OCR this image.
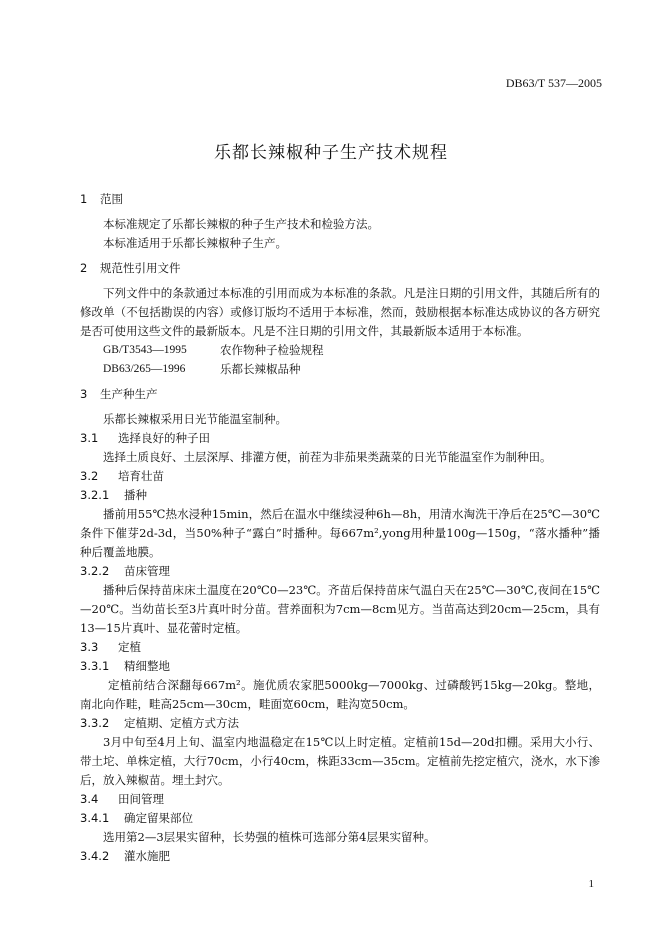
DB63/T 537—2005
乐都长辣椒种子生产技术规程
1	范围

本标准规定了乐都长辣椒的种子生产技术和检验方法。

本标准适用于乐都长辣椒种子生产。

2	规范性引用文件

下列文件中的条款通过本标准的引用而成为本标准的条款。凡是注日期的引用文件，其随后所有的修改单（不包括勘误的内容）或修订版均不适用于本标准，然而，鼓励根据本标准达成协议的各方研究是否可使用这些文件的最新版本。凡是不注日期的引用文件，其最新版本适用于本标准。

GB/T3543—1995	农作物种子检验规程
DB63/265—1996	乐都长辣椒品种
3	生产种生产

乐都长辣椒采用日光节能温室制种。

3.1	选择良好的种子田

选择土质良好、土层深厚、排灌方便，前茬为非茄果类蔬菜的日光节能温室作为制种田。

3.2	培育壮苗
3.2.1	播种

播前用55℃热水浸种15min，然后在温水中继续浸种6h—8h，用清水淘洗干净后在25℃—30℃条件下催芽2d-3d，当50%种子“露白”时播种。每667m²,yong用种量100g—150g，“落水播种”播种后覆盖地膜。

3.2.2	苗床管理

播种后保持苗床床土温度在20℃0—23℃。齐苗后保持苗床气温白天在25℃—30℃,夜间在15℃—20℃。当幼苗长至3片真叶时分苗。营养面积为7cm—8cm见方。当苗高达到20cm—25cm，具有13—15片真叶、显花蕾时定植。

3.3	定植
3.3.1	精细整地

定植前结合深翻每667m²。施优质农家肥5000kg—7000kg、过磷酸钙15kg—20kg。整地，南北向作畦，畦高25cm—30cm，畦面宽60cm，畦沟宽50cm。

3.3.2	定植期、定植方式方法

3月中旬至4月上旬、温室内地温稳定在15℃以上时定植。定植前15d—20d扣棚。采用大小行、带土坨、单株定植，大行70cm，小行40cm，株距33cm—35cm。定植前先挖定植穴，浇水，水下渗后，放入辣椒苗。埋土封穴。

3.4	田间管理
3.4.1	确定留果部位

选用第2—3层果实留种，长势强的植株可选部分第4层果实留种。

3.4.2	灌水施肥
1
